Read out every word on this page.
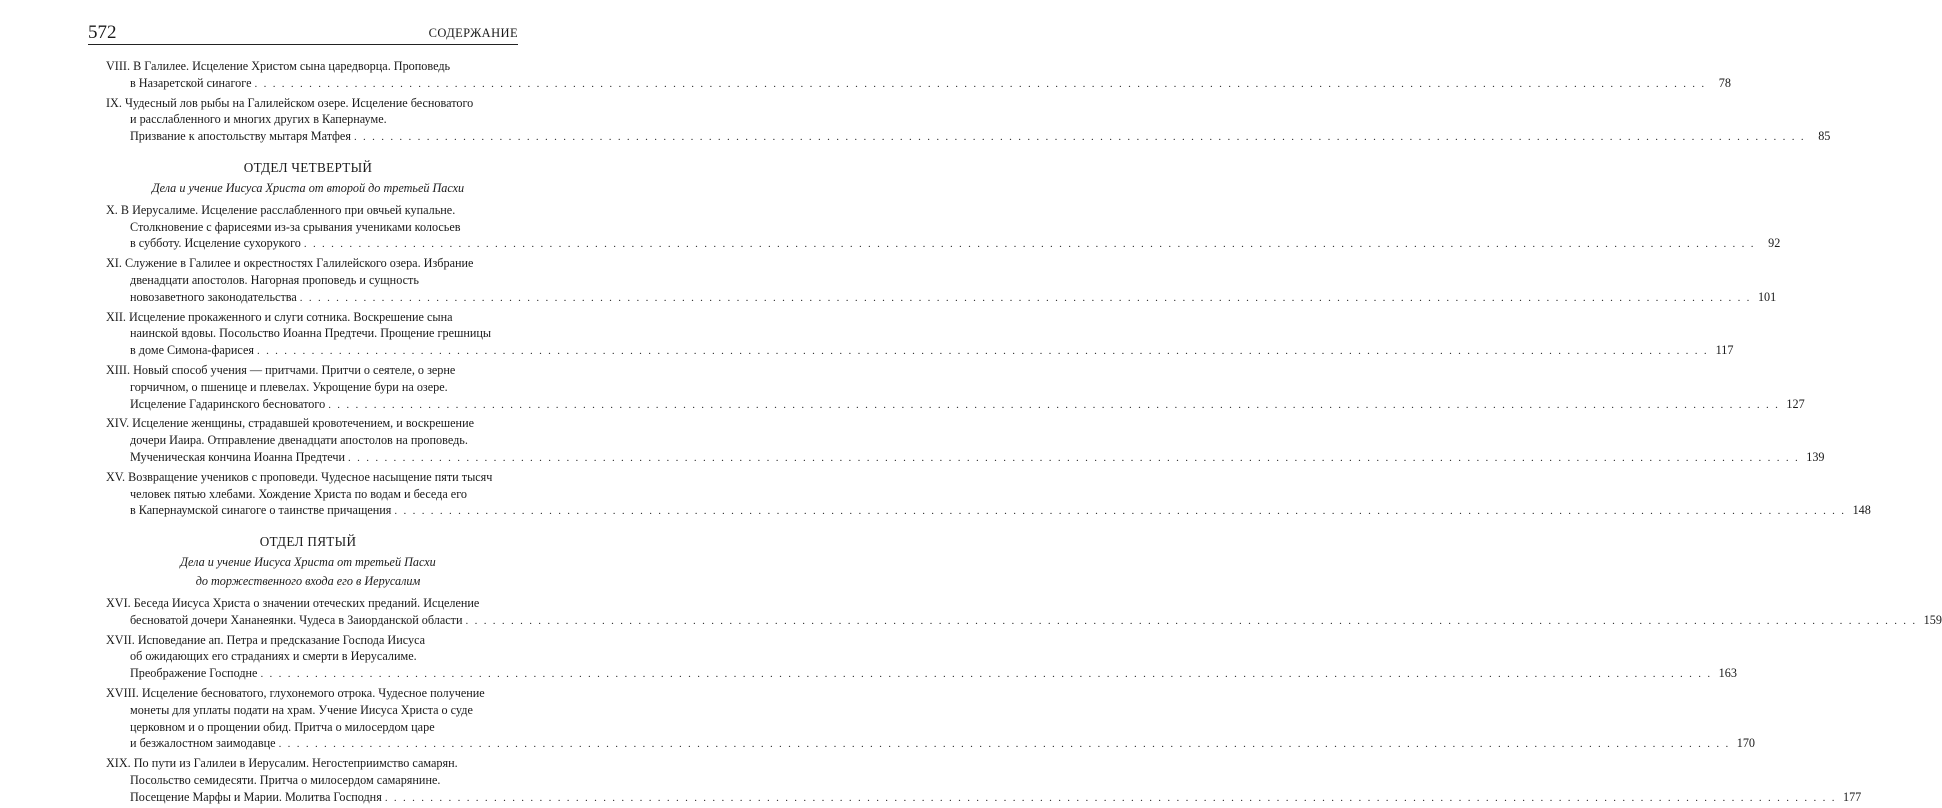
572	СОДЕРЖАНИЕ
VIII. В Галилее. Исцеление Христом сына царедворца. Проповедь
в Назаретской синагоге . . .	78
IX. Чудесный лов рыбы на Галилейском озере. Исцеление бесноватого
и расслабленного и многих других в Капернауме.
Призвание к апостольству мытаря Матфея . . .	85
ОТДЕЛ ЧЕТВЕРТЫЙ
Дела и учение Иисуса Христа от второй до третьей Пасхи
X. В Иерусалиме. Исцеление расслабленного при овчьей купальне.
Столкновение с фарисеями из-за срывания учениками колосьев
в субботу. Исцеление сухорукого . . .	92
XI. Служение в Галилее и окрестностях Галилейского озера. Избрание
двенадцати апостолов. Нагорная проповедь и сущность
новозаветного законодательства . . .	101
XII. Исцеление прокаженного и слуги сотника. Воскрешение сына
наинской вдовы. Посольство Иоанна Предтечи. Прощение грешницы
в доме Симона-фарисея . . .	117
XIII. Новый способ учения — притчами. Притчи о сеятеле, о зерне
горчичном, о пшенице и плевелах. Укрощение бури на озере.
Исцеление Гадаринского бесноватого . . .	127
XIV. Исцеление женщины, страдавшей кровотечением, и воскрешение
дочери Иаира. Отправление двенадцати апостолов на проповедь.
Мученическая кончина Иоанна Предтечи . . .	139
XV. Возвращение учеников с проповеди. Чудесное насыщение пяти тысяч
человек пятью хлебами. Хождение Христа по водам и беседа его
в Капернаумской синагоге о таинстве причащения . . .	148
ОТДЕЛ ПЯТЫЙ
Дела и учение Иисуса Христа от третьей Пасхи
до торжественного входа его в Иерусалим
XVI. Беседа Иисуса Христа о значении отеческих преданий. Исцеление
бесноватой дочери Хананеянки. Чудеса в Заиорданской области . . .	159
XVII. Исповедание ап. Петра и предсказание Господа Иисуса
об ожидающих его страданиях и смерти в Иерусалиме.
Преображение Господне . . .	163
XVIII. Исцеление бесноватого, глухонемого отрока. Чудесное получение
монеты для уплаты подати на храм. Учение Иисуса Христа о суде
церковном и о прощении обид. Притча о милосердом царе
и безжалостном заимодавце . . .	170
XIX. По пути из Галилеи в Иерусалим. Негостеприимство самарян.
Посольство семидесяти. Притча о милосердом самарянине.
Посещение Марфы и Марии. Молитва Господня . . .	177
